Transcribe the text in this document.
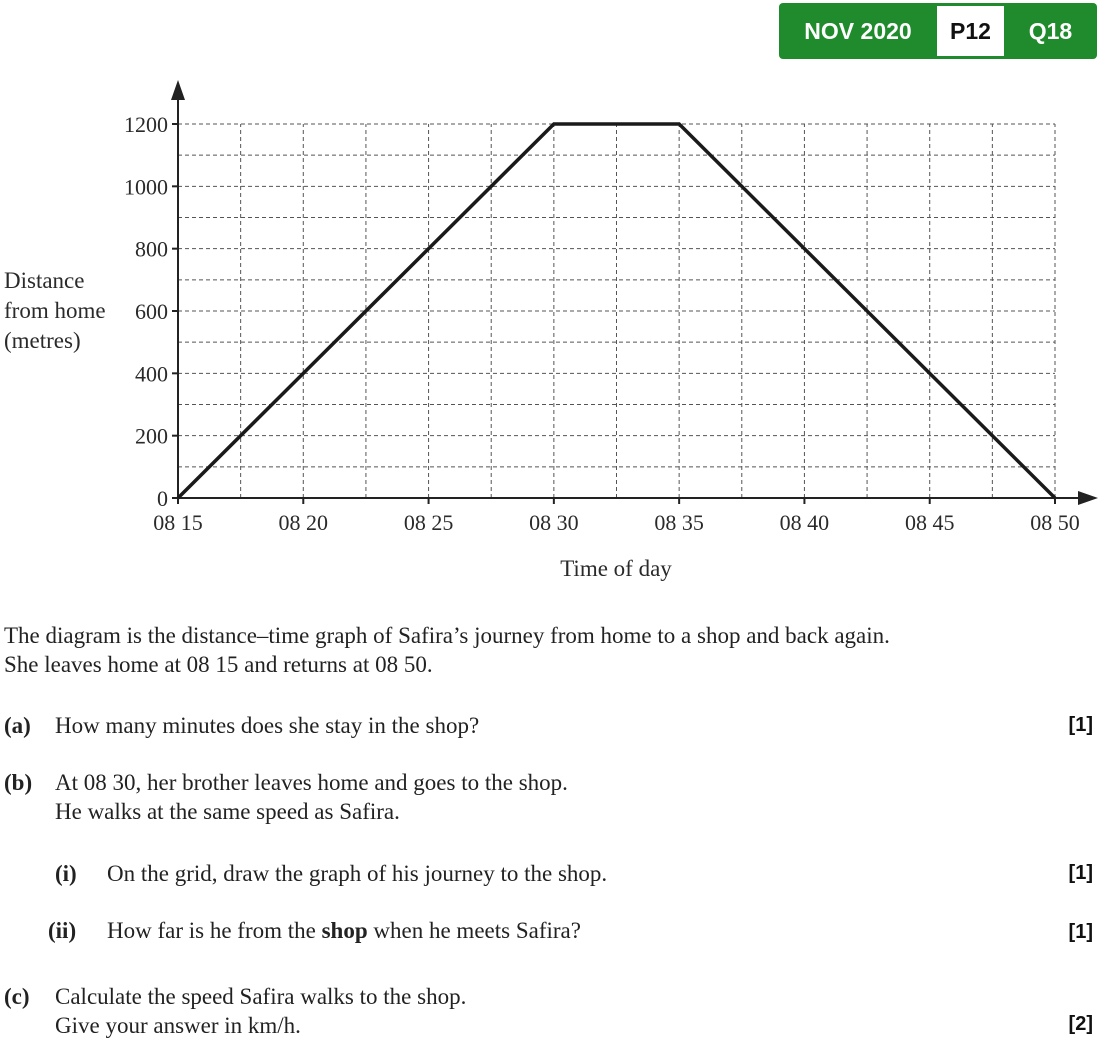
NOV 2020	P12	Q18
0
200
400
600
800
1000
1200
08 15	08 20	08 25	08 30	08 35	08 40	08 45	08 50
Time of day
Distance
from home
(metres)
The diagram is the distance–time graph of Safira’s journey from home to a shop and back again.
She leaves home at 08 15 and returns at 08 50.
(a) How many minutes does she stay in the shop?	[1]
(b) At 08 30, her brother leaves home and goes to the shop.
He walks at the same speed as Safira.
(i) On the grid, draw the graph of his journey to the shop.	[1]
(ii) How far is he from the shop when he meets Safira?	[1]
(c) Calculate the speed Safira walks to the shop.
Give your answer in km/h.	[2]
